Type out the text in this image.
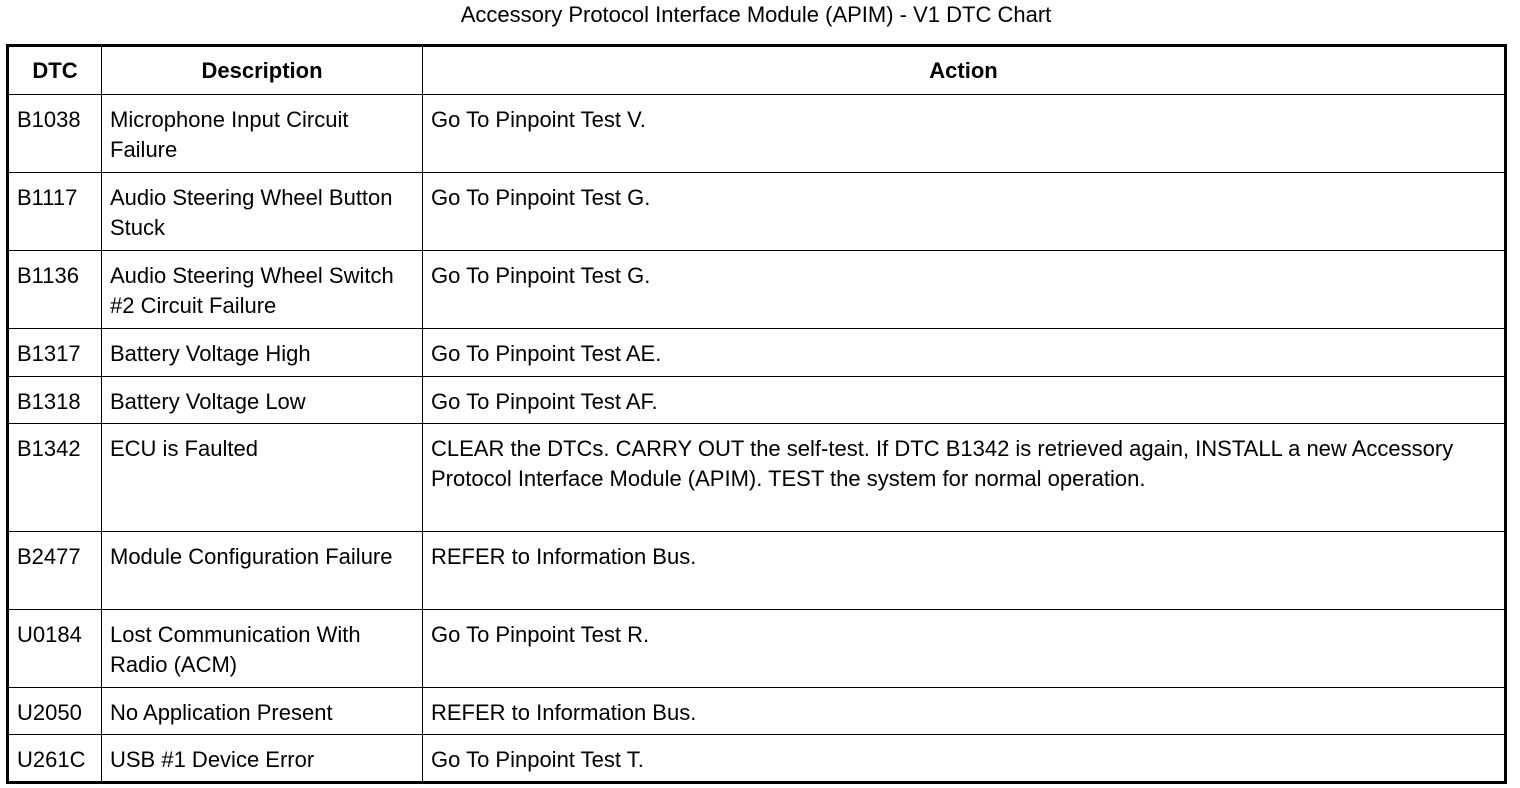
Accessory Protocol Interface Module (APIM) - V1 DTC Chart
DTC	Description	Action
B1038	Microphone Input Circuit Failure	Go To Pinpoint Test V.
B1117	Audio Steering Wheel Button Stuck	Go To Pinpoint Test G.
B1136	Audio Steering Wheel Switch #2 Circuit Failure	Go To Pinpoint Test G.
B1317	Battery Voltage High	Go To Pinpoint Test AE.
B1318	Battery Voltage Low	Go To Pinpoint Test AF.
B1342	ECU is Faulted	CLEAR the DTCs. CARRY OUT the self-test. If DTC B1342 is retrieved again, INSTALL a new Accessory Protocol Interface Module (APIM). TEST the system for normal operation.
B2477	Module Configuration Failure	REFER to Information Bus.
U0184	Lost Communication With Radio (ACM)	Go To Pinpoint Test R.
U2050	No Application Present	REFER to Information Bus.
U261C	USB #1 Device Error	Go To Pinpoint Test T.
